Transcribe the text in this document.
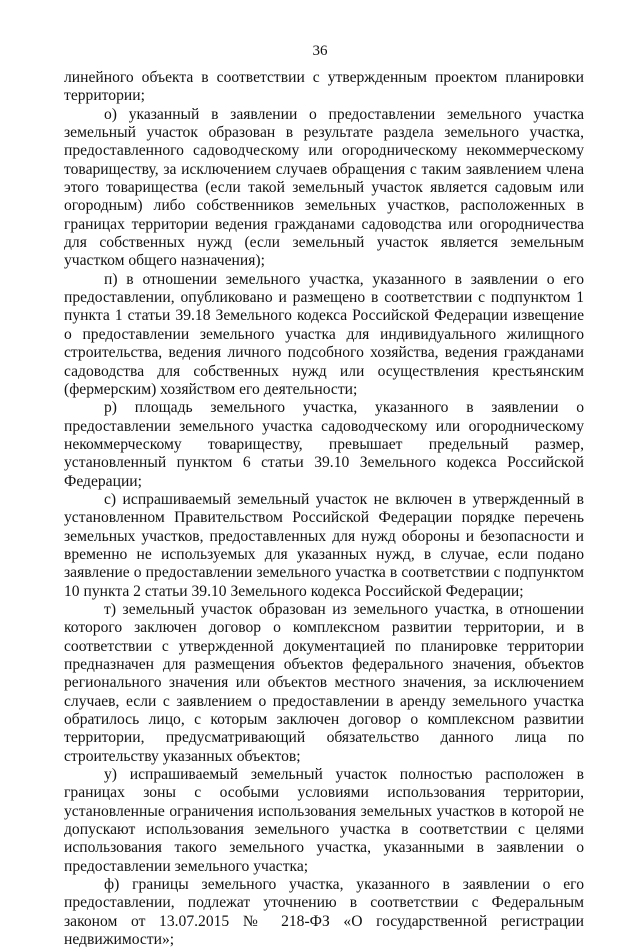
36

линейного объекта в соответствии с утвержденным проектом планировки территории;

о) указанный в заявлении о предоставлении земельного участка земельный участок образован в результате раздела земельного участка, предоставленного садоводческому или огородническому некоммерческому товариществу, за исключением случаев обращения с таким заявлением члена этого товарищества (если такой земельный участок является садовым или огородным) либо собственников земельных участков, расположенных в границах территории ведения гражданами садоводства или огородничества для собственных нужд (если земельный участок является земельным участком общего назначения);

п) в отношении земельного участка, указанного в заявлении о его предоставлении, опубликовано и размещено в соответствии с подпунктом 1 пункта 1 статьи 39.18 Земельного кодекса Российской Федерации извещение о предоставлении земельного участка для индивидуального жилищного строительства, ведения личного подсобного хозяйства, ведения гражданами садоводства для собственных нужд или осуществления крестьянским (фермерским) хозяйством его деятельности;

р) площадь земельного участка, указанного в заявлении о предоставлении земельного участка садоводческому или огородническому некоммерческому товариществу, превышает предельный размер, установленный пунктом 6 статьи 39.10 Земельного кодекса Российской Федерации;

с) испрашиваемый земельный участок не включен в утвержденный в установленном Правительством Российской Федерации порядке перечень земельных участков, предоставленных для нужд обороны и безопасности и временно не используемых для указанных нужд, в случае, если подано заявление о предоставлении земельного участка в соответствии с подпунктом 10 пункта 2 статьи 39.10 Земельного кодекса Российской Федерации;

т) земельный участок образован из земельного участка, в отношении которого заключен договор о комплексном развитии территории, и в соответствии с утвержденной документацией по планировке территории предназначен для размещения объектов федерального значения, объектов регионального значения или объектов местного значения, за исключением случаев, если с заявлением о предоставлении в аренду земельного участка обратилось лицо, с которым заключен договор о комплексном развитии территории, предусматривающий обязательство данного лица по строительству указанных объектов;

у) испрашиваемый земельный участок полностью расположен в границах зоны с особыми условиями использования территории, установленные ограничения использования земельных участков в которой не допускают использования земельного участка в соответствии с целями использования такого земельного участка, указанными в заявлении о предоставлении земельного участка;

ф) границы земельного участка, указанного в заявлении о его предоставлении, подлежат уточнению в соответствии с Федеральным законом от 13.07.2015 № 218-ФЗ «О государственной регистрации недвижимости»;
